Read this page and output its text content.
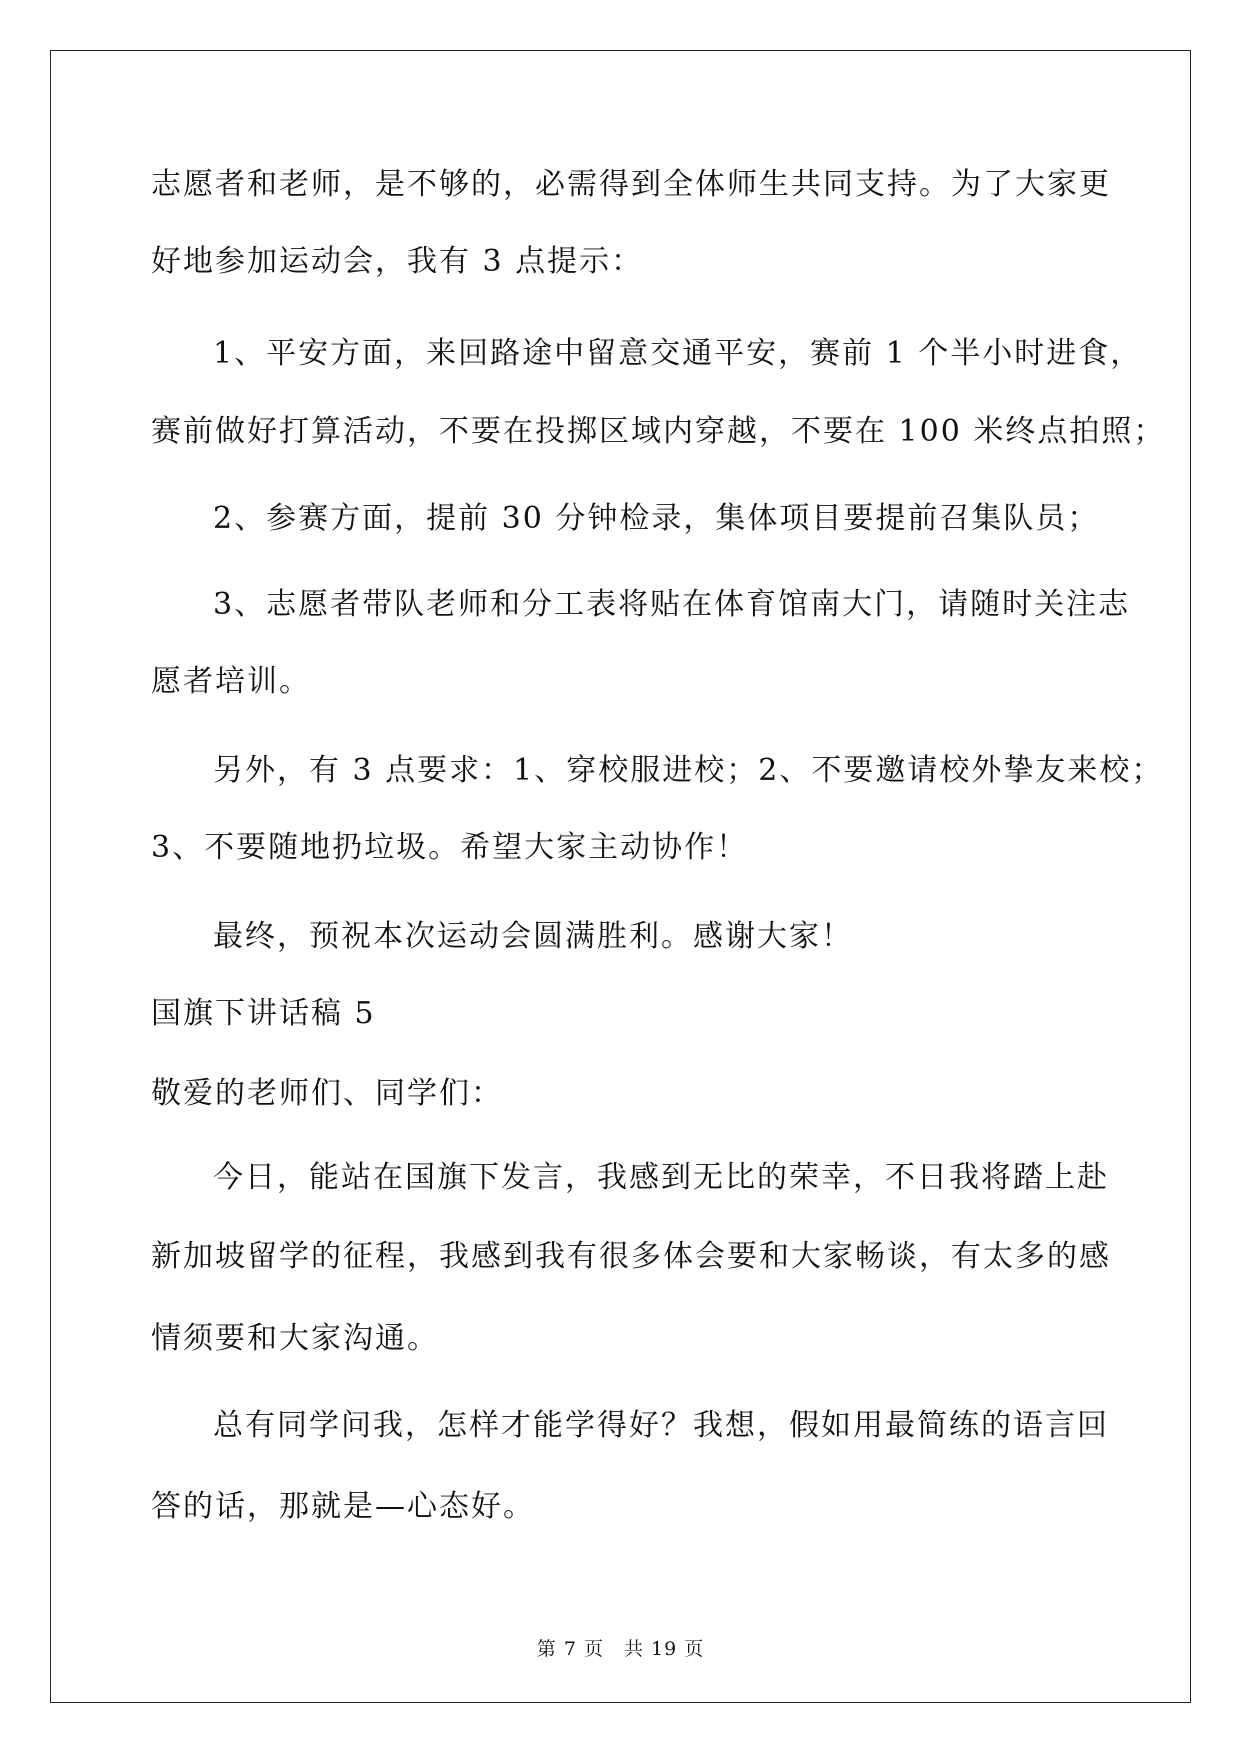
志愿者和老师，是不够的，必需得到全体师生共同支持。为了大家更
好地参加运动会，我有 3 点提示：
1、平安方面，来回路途中留意交通平安，赛前 1 个半小时进食，
赛前做好打算活动，不要在投掷区域内穿越，不要在 100 米终点拍照；
2、参赛方面，提前 30 分钟检录，集体项目要提前召集队员；
3、志愿者带队老师和分工表将贴在体育馆南大门，请随时关注志
愿者培训。
另外，有 3 点要求：1、穿校服进校；2、不要邀请校外挚友来校；
3、不要随地扔垃圾。希望大家主动协作！
最终，预祝本次运动会圆满胜利。感谢大家！
国旗下讲话稿 5
敬爱的老师们、同学们：
今日，能站在国旗下发言，我感到无比的荣幸，不日我将踏上赴
新加坡留学的征程，我感到我有很多体会要和大家畅谈，有太多的感
情须要和大家沟通。
总有同学问我，怎样才能学得好？我想，假如用最简练的语言回
答的话，那就是—心态好。
第 7 页　共 19 页
